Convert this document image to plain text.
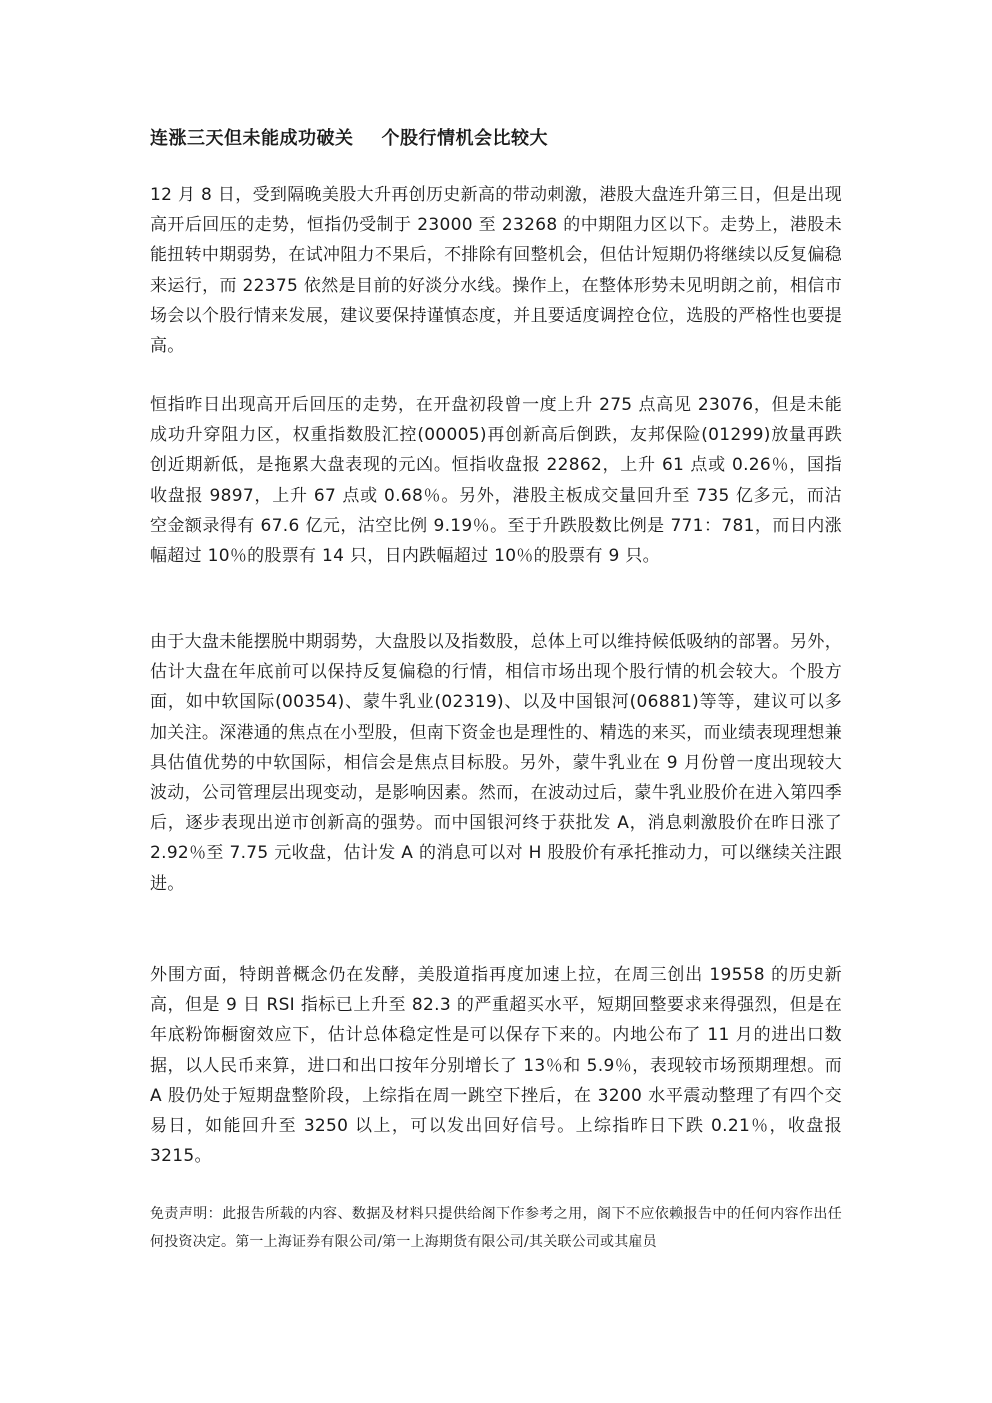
连涨三天但未能成功破关 个股行情机会比较大

12 月 8 日，受到隔晚美股大升再创历史新高的带动刺激，港股大盘连升第三日，但是出现高开后回压的走势，恒指仍受制于 23000 至 23268 的中期阻力区以下。走势上，港股未能扭转中期弱势，在试冲阻力不果后，不排除有回整机会，但估计短期仍将继续以反复偏稳来运行，而 22375 依然是目前的好淡分水线。操作上，在整体形势未见明朗之前，相信市场会以个股行情来发展，建议要保持谨慎态度，并且要适度调控仓位，选股的严格性也要提高。

恒指昨日出现高开后回压的走势，在开盘初段曾一度上升 275 点高见 23076，但是未能成功升穿阻力区，权重指数股汇控(00005)再创新高后倒跌，友邦保险(01299)放量再跌创近期新低，是拖累大盘表现的元凶。恒指收盘报 22862，上升 61 点或 0.26％，国指收盘报 9897，上升 67 点或 0.68％。另外，港股主板成交量回升至 735 亿多元，而沽空金额录得有 67.6 亿元，沽空比例 9.19％。至于升跌股数比例是 771：781，而日内涨幅超过 10％的股票有 14 只，日内跌幅超过 10％的股票有 9 只。

由于大盘未能摆脱中期弱势，大盘股以及指数股，总体上可以维持候低吸纳的部署。另外，估计大盘在年底前可以保持反复偏稳的行情，相信市场出现个股行情的机会较大。个股方面，如中软国际(00354)、蒙牛乳业(02319)、以及中国银河(06881)等等，建议可以多加关注。深港通的焦点在小型股，但南下资金也是理性的、精选的来买，而业绩表现理想兼具估值优势的中软国际，相信会是焦点目标股。另外，蒙牛乳业在 9 月份曾一度出现较大波动，公司管理层出现变动，是影响因素。然而，在波动过后，蒙牛乳业股价在进入第四季后，逐步表现出逆市创新高的强势。而中国银河终于获批发 A，消息刺激股价在昨日涨了 2.92％至 7.75 元收盘，估计发 A 的消息可以对 H 股股价有承托推动力，可以继续关注跟进。

外围方面，特朗普概念仍在发酵，美股道指再度加速上拉，在周三创出 19558 的历史新高，但是 9 日 RSI 指标已上升至 82.3 的严重超买水平，短期回整要求来得强烈，但是在年底粉饰橱窗效应下，估计总体稳定性是可以保存下来的。内地公布了 11 月的进出口数据，以人民币来算，进口和出口按年分别增长了 13％和 5.9％，表现较市场预期理想。而 A 股仍处于短期盘整阶段，上综指在周一跳空下挫后，在 3200 水平震动整理了有四个交易日，如能回升至 3250 以上，可以发出回好信号。上综指昨日下跌 0.21％，收盘报 3215。

免责声明：此报告所载的内容、数据及材料只提供给阁下作参考之用，阁下不应依赖报告中的任何内容作出任何投资决定。第一上海证券有限公司/第一上海期货有限公司/其关联公司或其雇员
